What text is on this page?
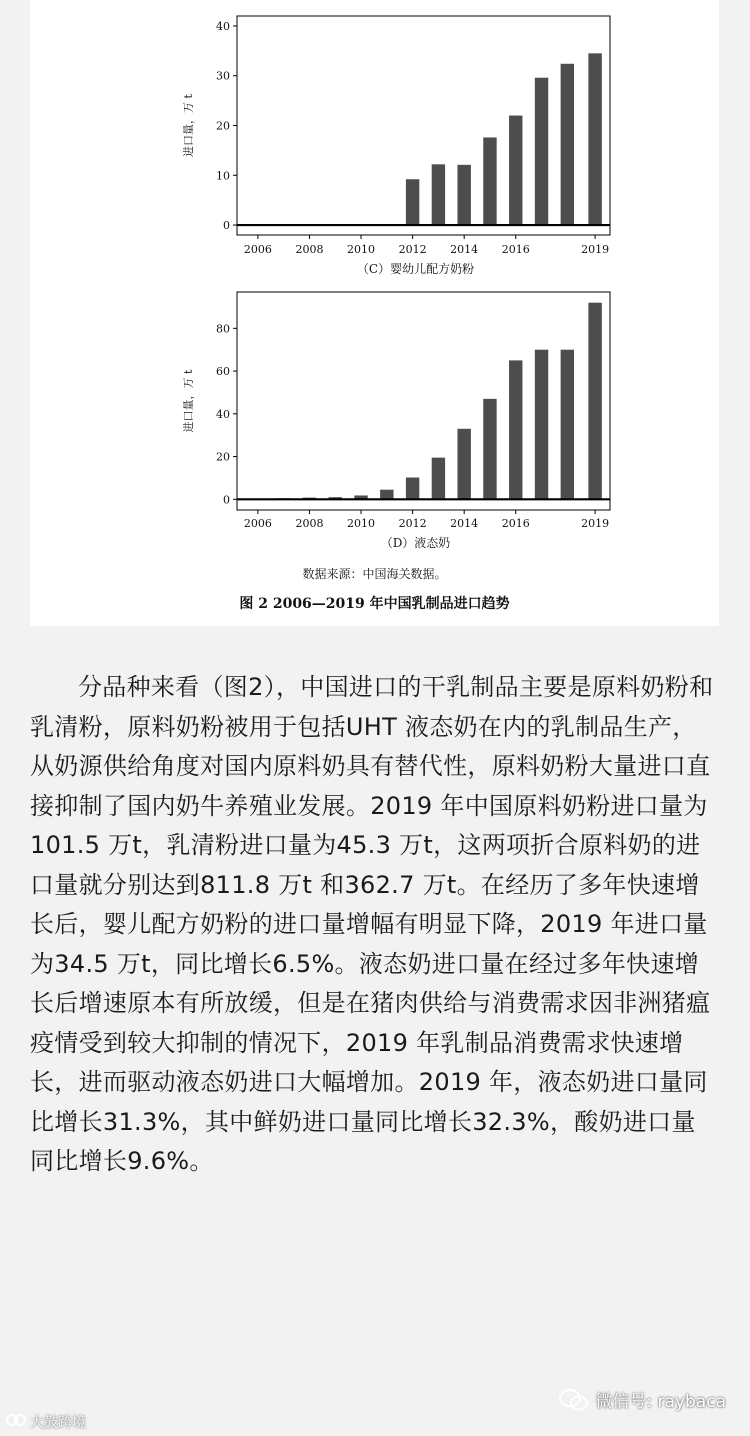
0
10
20
30
40
进口量，万 t
2006 2008 2010 2012 2014 2016	2019
（C）婴幼儿配方奶粉
0
20
40
60
80
进口量，万 t
2006 2008 2010 2012 2014 2016	2019
（D）液态奶
数据来源：中国海关数据。
图 2 2006—2019 年中国乳制品进口趋势
分品种来看（图2），中国进口的干乳制品主要是原料奶粉和乳清粉，原料奶粉被用于包括UHT 液态奶在内的乳制品生产，从奶源供给角度对国内原料奶具有替代性，原料奶粉大量进口直接抑制了国内奶牛养殖业发展。2019 年中国原料奶粉进口量为101.5 万t，乳清粉进口量为45.3 万t，这两项折合原料奶的进口量就分别达到811.8 万t 和362.7 万t。在经历了多年快速增长后，婴儿配方奶粉的进口量增幅有明显下降，2019 年进口量为34.5 万t，同比增长6.5%。液态奶进口量在经过多年快速增长后增速原本有所放缓，但是在猪肉供给与消费需求因非洲猪瘟疫情受到较大抑制的情况下，2019 年乳制品消费需求快速增长，进而驱动液态奶进口大幅增加。2019 年，液态奶进口量同比增长31.3%，其中鲜奶进口量同比增长32.3%，酸奶进口量同比增长9.6%。
微信号: raybaca
大鼓跨境
